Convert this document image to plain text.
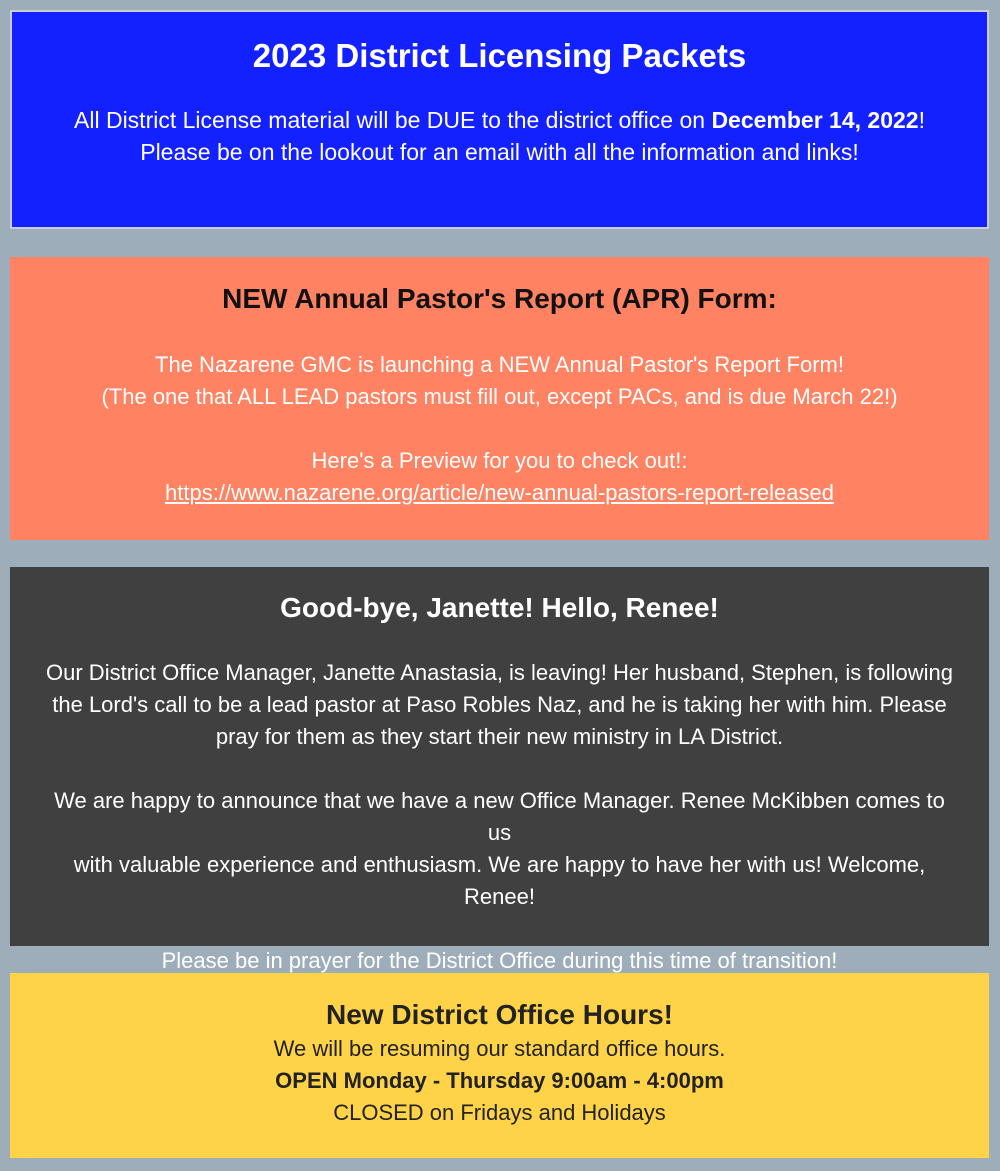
2023 District Licensing Packets
All District License material will be DUE to the district office on December 14, 2022!
Please be on the lookout for an email with all the information and links!
NEW Annual Pastor's Report (APR) Form:
The Nazarene GMC is launching a NEW Annual Pastor's Report Form!
(The one that ALL LEAD pastors must fill out, except PACs, and is due March 22!)
Here's a Preview for you to check out!:
https://www.nazarene.org/article/new-annual-pastors-report-released
Good-bye, Janette! Hello, Renee!
Our District Office Manager, Janette Anastasia, is leaving! Her husband, Stephen, is following
the Lord's call to be a lead pastor at Paso Robles Naz, and he is taking her with him. Please
pray for them as they start their new ministry in LA District.
We are happy to announce that we have a new Office Manager. Renee McKibben comes to us
with valuable experience and enthusiasm. We are happy to have her with us! Welcome, Renee!
Please be in prayer for the District Office during this time of transition!
New District Office Hours!
We will be resuming our standard office hours.
OPEN Monday - Thursday 9:00am - 4:00pm
CLOSED on Fridays and Holidays
